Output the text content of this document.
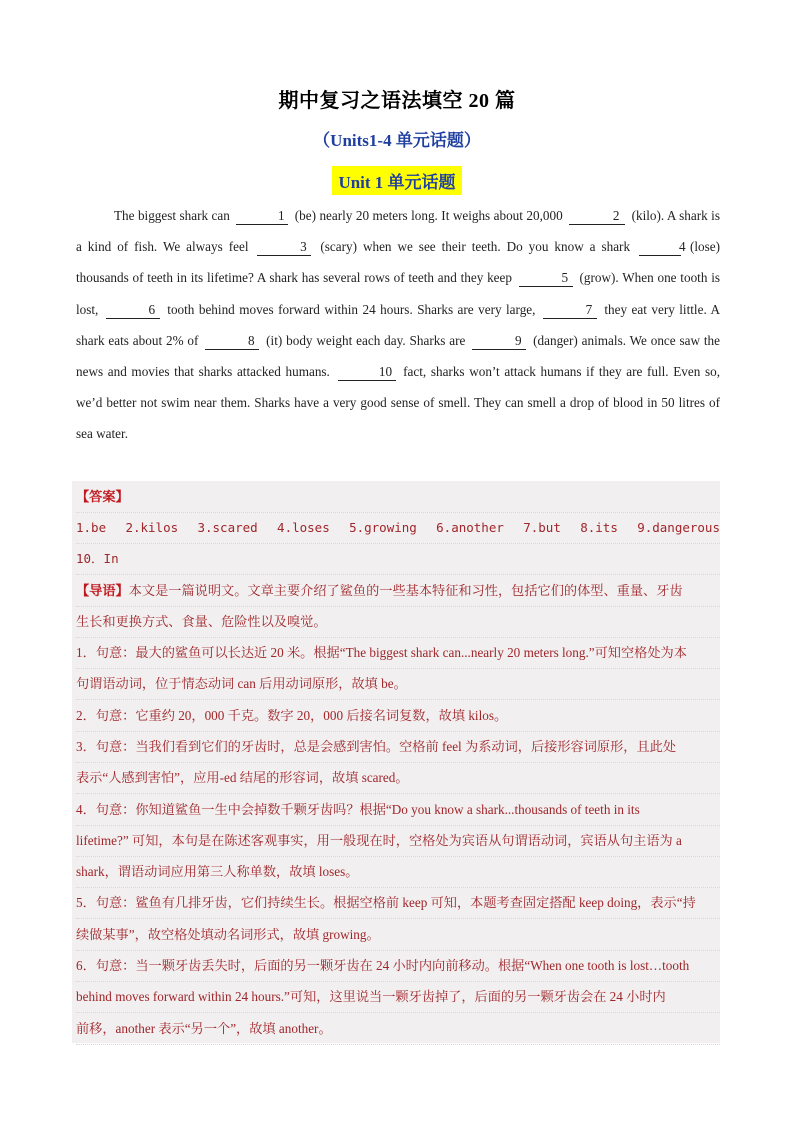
期中复习之语法填空 20 篇
（Units1-4 单元话题）
Unit 1 单元话题

The biggest shark can	1 (be) nearly 20 meters long. It weighs about 20,000	2 (kilo). A shark is a kind of fish. We always feel	3 (scary) when we see their teeth. Do you know a shark	4 (lose) thousands of teeth in its lifetime? A shark has several rows of teeth and they keep	5 (grow). When one tooth is lost,	6 tooth behind moves forward within 24 hours. Sharks are very large,	7 they eat very little. A shark eats about 2% of	8 (it) body weight each day. Sharks are	9 (danger) animals. We once saw the news and movies that sharks attacked humans.	10 fact, sharks won’t attack humans if they are full. Even so, we’d better not swim near them. Sharks have a very good sense of smell. They can smell a drop of blood in 50 litres of sea water.

【答案】
1.be 2.kilos 3.scared 4.loses 5.growing 6.another 7.but 8.its 9.dangerous
10．In
【导语】本文是一篇说明文。文章主要介绍了鲨鱼的一些基本特征和习性，包括它们的体型、重量、牙齿
生长和更换方式、食量、危险性以及嗅觉。
1．句意：最大的鲨鱼可以长达近 20 米。根据“The biggest shark can...nearly 20 meters long.”可知空格处为本
句谓语动词，位于情态动词 can 后用动词原形，故填 be。
2．句意：它重约 20，000 千克。数字 20，000 后接名词复数，故填 kilos。
3．句意：当我们看到它们的牙齿时，总是会感到害怕。空格前 feel 为系动词，后接形容词原形，且此处
表示“人感到害怕”，应用-ed 结尾的形容词，故填 scared。
4．句意：你知道鲨鱼一生中会掉数千颗牙齿吗？根据“Do you know a shark...thousands of teeth in its
lifetime?” 可知，本句是在陈述客观事实，用一般现在时，空格处为宾语从句谓语动词，宾语从句主语为 a
shark，谓语动词应用第三人称单数，故填 loses。
5．句意：鲨鱼有几排牙齿，它们持续生长。根据空格前 keep 可知，本题考查固定搭配 keep doing，表示“持
续做某事”，故空格处填动名词形式，故填 growing。
6．句意：当一颗牙齿丢失时，后面的另一颗牙齿在 24 小时内向前移动。根据“When one tooth is lost…tooth
behind moves forward within 24 hours.”可知，这里说当一颗牙齿掉了，后面的另一颗牙齿会在 24 小时内
前移，another 表示“另一个”，故填 another。
